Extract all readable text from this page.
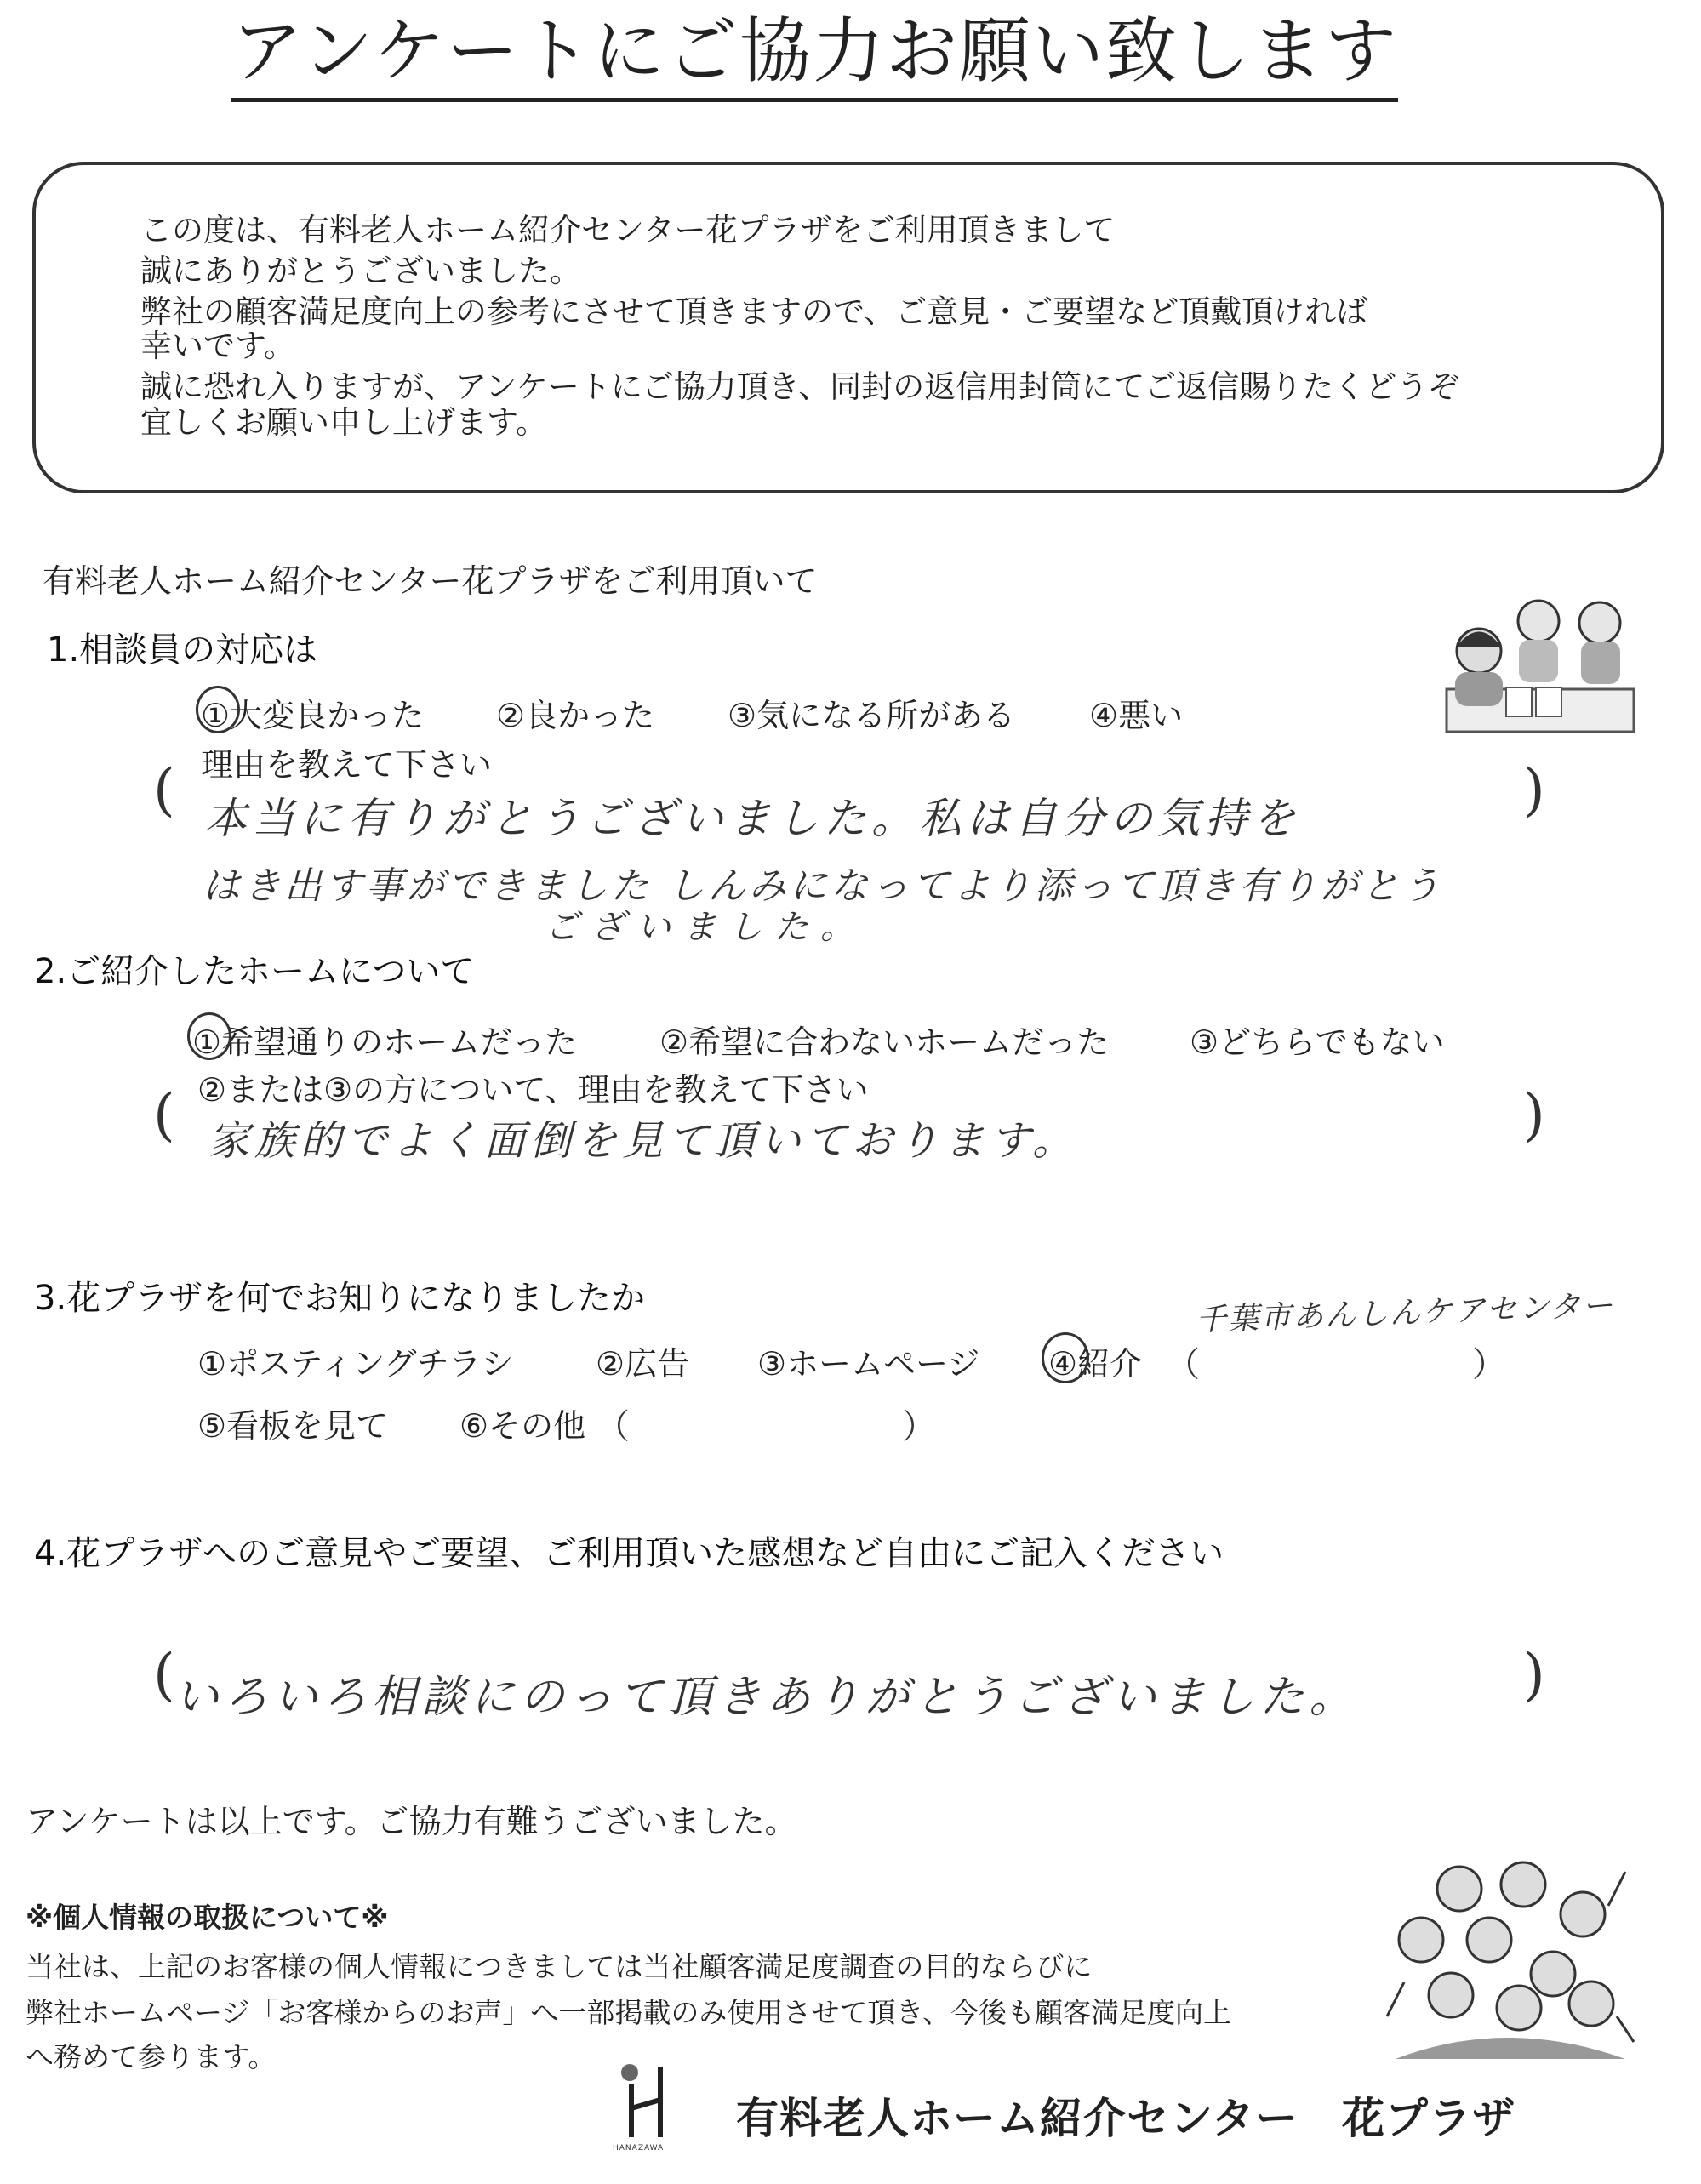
アンケートにご協力お願い致します
この度は、有料老人ホーム紹介センター花プラザをご利用頂きまして
誠にありがとうございました。
弊社の顧客満足度向上の参考にさせて頂きますので、ご意見・ご要望など頂戴頂ければ
幸いです。
誠に恐れ入りますが、アンケートにご協力頂き、同封の返信用封筒にてご返信賜りたくどうぞ
宜しくお願い申し上げます。
有料老人ホーム紹介センター花プラザをご利用頂いて
1.相談員の対応は
①大変良かった ②良かった ③気になる所がある ④悪い
理由を教えて下さい
(	)
本当に有りがとうございました。私は自分の気持を
はき出す事ができました しんみになってより添って頂き有りがとう
ございました。
2.ご紹介したホームについて
①希望通りのホームだった	②希望に合わないホームだった ③どちらでもない
②または③の方について、理由を教えて下さい
(	)
家族的でよく面倒を見て頂いております。
3.花プラザを何でお知りになりましたか	千葉市あんしんケアセンター
①ポスティングチラシ	②広告 ③ホームページ ④紹介 （	）
⑤看板を見て ⑥その他 （	）
4.花プラザへのご意見やご要望、ご利用頂いた感想など自由にご記入ください
(	)
いろいろ相談にのって頂きありがとうございました。
アンケートは以上です。ご協力有難うございました。
※個人情報の取扱について※
当社は、上記のお客様の個人情報につきましては当社顧客満足度調査の目的ならびに
弊社ホームページ「お客様からのお声」へ一部掲載のみ使用させて頂き、今後も顧客満足度向上
へ務めて参ります。
HANAZAWA
有料老人ホーム紹介センター　花プラザ
